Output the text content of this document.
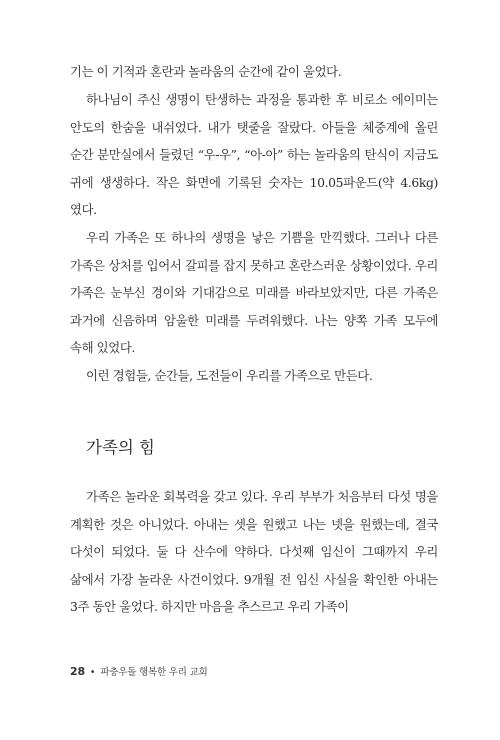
기는 이 기적과 혼란과 놀라움의 순간에 같이 울었다.

하나님이 주신 생명이 탄생하는 과정을 통과한 후 비로소 에이미는 안도의 한숨을 내쉬었다. 내가 탯줄을 잘랐다. 아들을 체중계에 올린 순간 분만실에서 들렸던 “우-우”, “아-아” 하는 놀라움의 탄식이 지금도 귀에 생생하다. 작은 화면에 기록된 숫자는 10.05파운드(약 4.6kg)였다.

우리 가족은 또 하나의 생명을 낳은 기쁨을 만끽했다. 그러나 다른 가족은 상처를 입어서 갈피를 잡지 못하고 혼란스러운 상황이었다. 우리 가족은 눈부신 경이와 기대감으로 미래를 바라보았지만, 다른 가족은 과거에 신음하며 암울한 미래를 두려워했다. 나는 양쪽 가족 모두에 속해 있었다.

이런 경험들, 순간들, 도전들이 우리를 가족으로 만든다.

가족의 힘

가족은 놀라운 회복력을 갖고 있다. 우리 부부가 처음부터 다섯 명을 계획한 것은 아니었다. 아내는 셋을 원했고 나는 넷을 원했는데, 결국 다섯이 되었다. 둘 다 산수에 약하다. 다섯째 임신이 그때까지 우리 삶에서 가장 놀라운 사건이었다. 9개월 전 임신 사실을 확인한 아내는 3주 동안 울었다. 하지만 마음을 추스르고 우리 가족이

28 • 파충우돌 행복한 우리 교회
